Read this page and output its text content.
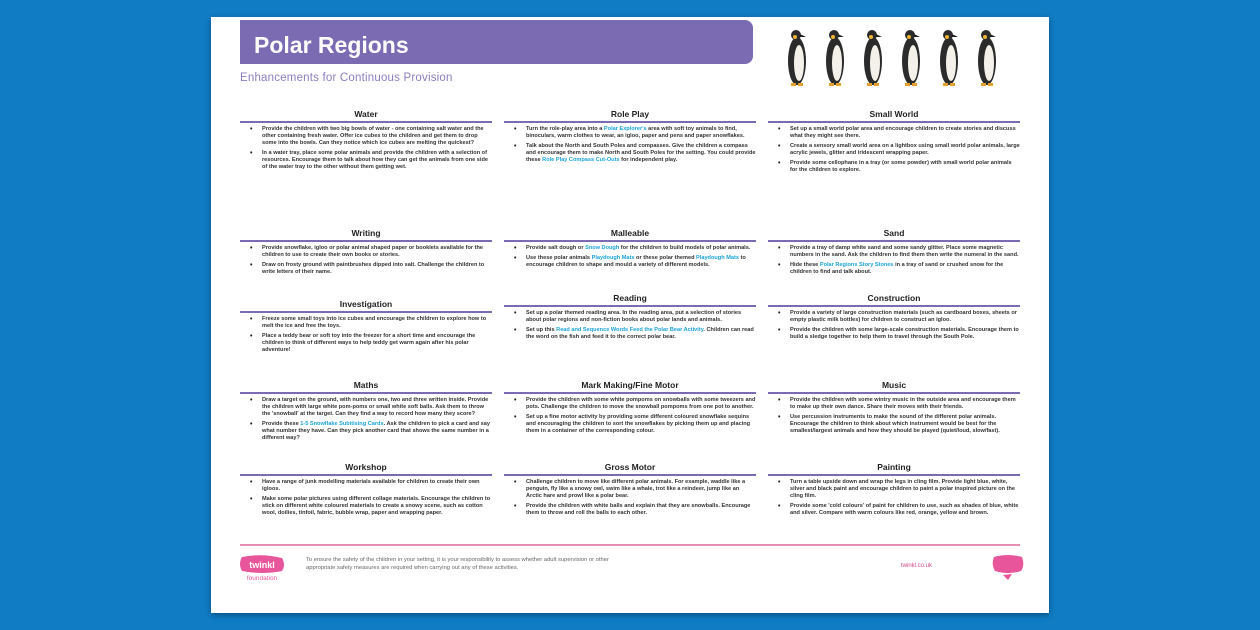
Polar Regions
Enhancements for Continuous Provision
Water
• Provide the children with two big bowls of water - one containing salt water and the other containing fresh water. Offer ice cubes to the children and get them to drop some into the bowls. Can they notice which ice cubes are melting the quickest?
• In a water tray, place some polar animals and provide the children with a selection of resources. Encourage them to talk about how they can get the animals from one side of the water tray to the other without them getting wet.
Writing
• Provide snowflake, igloo or polar animal shaped paper or booklets available for the children to use to create their own books or stories.
• Draw on frosty ground with paintbrushes dipped into salt. Challenge the children to write letters of their name.
Investigation
• Freeze some small toys into ice cubes and encourage the children to explore how to melt the ice and free the toys.
• Place a teddy bear or soft toy into the freezer for a short time and encourage the children to think of different ways to help teddy get warm again after his polar adventure!
Maths
• Draw a target on the ground, with numbers one, two and three written inside. Provide the children with large white pom-poms or small white soft balls. Ask them to throw the 'snowball' at the target. Can they find a way to record how many they score?
• Provide these 1-5 Snowflake Subitising Cards. Ask the children to pick a card and say what number they have. Can they pick another card that shows the same number in a different way?
Workshop
• Have a range of junk modelling materials available for children to create their own igloos.
• Make some polar pictures using different collage materials. Encourage the children to stick on different white coloured materials to create a snowy scene, such as cotton wool, doilies, tinfoil, fabric, bubble wrap, paper and wrapping paper.
Role Play
• Turn the role-play area into a Polar Explorer's area with soft toy animals to find, binoculars, warm clothes to wear, an igloo, paper and pens and paper snowflakes.
• Talk about the North and South Poles and compasses. Give the children a compass and encourage them to make North and South Poles for the setting. You could provide these Role Play Compass Cut-Outs for independent play.
Malleable
• Provide salt dough or Snow Dough for the children to build models of polar animals.
• Use these polar animals Playdough Mats or these polar themed Playdough Mats to encourage children to shape and mould a variety of different models.
Reading
• Set up a polar themed reading area. In the reading area, put a selection of stories about polar regions and non-fiction books about polar lands and animals.
• Set up this Read and Sequence Words Feed the Polar Bear Activity. Children can read the word on the fish and feed it to the correct polar bear.
Mark Making/Fine Motor
• Provide the children with some white pompoms on snowballs with some tweezers and pots. Challenge the children to move the snowball pompoms from one pot to another.
• Set up a fine motor activity by providing some different coloured snowflake sequins and encouraging the children to sort the snowflakes by picking them up and placing them in a container of the corresponding colour.
Gross Motor
• Challenge children to move like different polar animals. For example, waddle like a penguin, fly like a snowy owl, swim like a whale, trot like a reindeer, jump like an Arctic hare and prowl like a polar bear.
• Provide the children with white balls and explain that they are snowballs. Encourage them to throw and roll the balls to each other.
Small World
• Set up a small world polar area and encourage children to create stories and discuss what they might see there.
• Create a sensory small world area on a lightbox using small world polar animals, large acrylic jewels, glitter and iridescent wrapping paper.
• Provide some cellophane in a tray (or some powder) with small world polar animals for the children to explore.
Sand
• Provide a tray of damp white sand and some sandy glitter. Place some magnetic numbers in the sand. Ask the children to find them then write the numeral in the sand.
• Hide these Polar Regions Story Stones in a tray of sand or crushed snow for the children to find and talk about.
Construction
• Provide a variety of large construction materials (such as cardboard boxes, sheets or empty plastic milk bottles) for children to construct an igloo.
• Provide the children with some large-scale construction materials. Encourage them to build a sledge together to help them to travel through the South Pole.
Music
• Provide the children with some wintry music in the outside area and encourage them to make up their own dance. Share their moves with their friends.
• Use percussion instruments to make the sound of the different polar animals. Encourage the children to think about which instrument would be best for the smallest/largest animals and how they should be played (quiet/loud, slow/fast).
Painting
• Turn a table upside down and wrap the legs in cling film. Provide light blue, white, silver and black paint and encourage children to paint a polar inspired picture on the cling film.
• Provide some 'cold colours' of paint for children to use, such as shades of blue, white and silver. Compare with warm colours like red, orange, yellow and brown.
twinkl
foundation
To ensure the safety of the children in your setting, it is your responsibility to assess whether adult supervision or other appropriate safety measures are required when carrying out any of these activities.	twinkl.co.uk
